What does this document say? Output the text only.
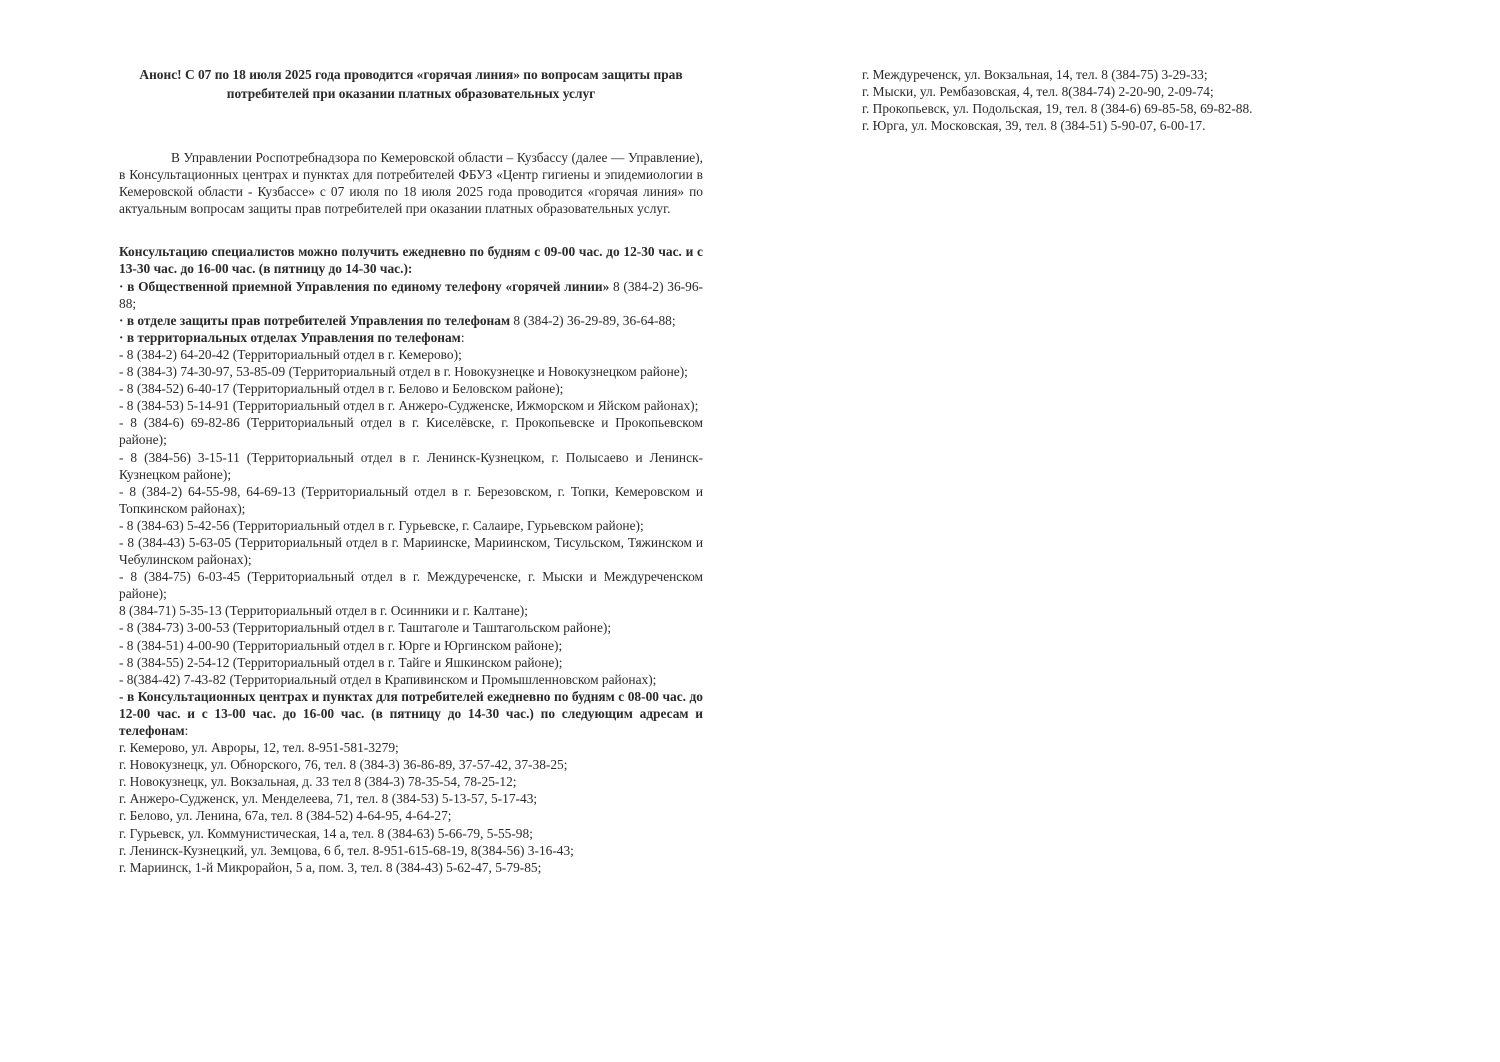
Анонс! С 07 по 18 июля 2025 года проводится «горячая линия» по вопросам защиты прав потребителей при оказании платных образовательных услуг

В Управлении Роспотребнадзора по Кемеровской области – Кузбассу (далее — Управление), в Консультационных центрах и пунктах для потребителей ФБУЗ «Центр гигиены и эпидемиологии в Кемеровской области - Кузбассе» с 07 июля по 18 июля 2025 года проводится «горячая линия» по актуальным вопросам защиты прав потребителей при оказании платных образовательных услуг.

Консультацию специалистов можно получить ежедневно по будням с 09-00 час. до 12-30 час. и с 13-30 час. до 16-00 час. (в пятницу до 14-30 час.):

· в Общественной приемной Управления по единому телефону «горячей линии» 8 (384-2) 36-96-88;

· в отделе защиты прав потребителей Управления по телефонам 8 (384-2) 36-29-89, 36-64-88;

· в территориальных отделах Управления по телефонам:

- 8 (384-2) 64-20-42 (Территориальный отдел в г. Кемерово);

- 8 (384-3) 74-30-97, 53-85-09 (Территориальный отдел в г. Новокузнецке и Новокузнецком районе);

- 8 (384-52) 6-40-17 (Территориальный отдел в г. Белово и Беловском районе);

- 8 (384-53) 5-14-91 (Территориальный отдел в г. Анжеро-Судженске, Ижморском и Яйском районах);

- 8 (384-6) 69-82-86 (Территориальный отдел в г. Киселёвске, г. Прокопьевске и Прокопьевском районе);

- 8 (384-56) 3-15-11 (Территориальный отдел в г. Ленинск-Кузнецком, г. Полысаево и Ленинск-Кузнецком районе);

- 8 (384-2) 64-55-98, 64-69-13 (Территориальный отдел в г. Березовском, г. Топки, Кемеровском и Топкинском районах);

- 8 (384-63) 5-42-56 (Территориальный отдел в г. Гурьевске, г. Салаире, Гурьевском районе);

- 8 (384-43) 5-63-05 (Территориальный отдел в г. Мариинске, Мариинском, Тисульском, Тяжинском и Чебулинском районах);

- 8 (384-75) 6-03-45 (Территориальный отдел в г. Междуреченске, г. Мыски и Междуреченском районе);

8 (384-71) 5-35-13 (Территориальный отдел в г. Осинники и г. Калтане);

- 8 (384-73) 3-00-53 (Территориальный отдел в г. Таштаголе и Таштагольском районе);

- 8 (384-51) 4-00-90 (Территориальный отдел в г. Юрге и Юргинском районе);

- 8 (384-55) 2-54-12 (Территориальный отдел в г. Тайге и Яшкинском районе);

- 8(384-42) 7-43-82 (Территориальный отдел в Крапивинском и Промышленновском районах);

- в Консультационных центрах и пунктах для потребителей ежедневно по будням с 08-00 час. до 12-00 час. и с 13-00 час. до 16-00 час. (в пятницу до 14-30 час.) по следующим адресам и телефонам:

г. Кемерово, ул. Авроры, 12, тел. 8-951-581-3279;

г. Новокузнецк, ул. Обнорского, 76, тел. 8 (384-3) 36-86-89, 37-57-42, 37-38-25;

г. Новокузнецк, ул. Вокзальная, д. 33 тел 8 (384-3) 78-35-54, 78-25-12;

г. Анжеро-Судженск, ул. Менделеева, 71, тел. 8 (384-53) 5-13-57, 5-17-43;

г. Белово, ул. Ленина, 67а, тел. 8 (384-52) 4-64-95, 4-64-27;

г. Гурьевск, ул. Коммунистическая, 14 а, тел. 8 (384-63) 5-66-79, 5-55-98;

г. Ленинск-Кузнецкий, ул. Земцова, 6 б, тел. 8-951-615-68-19, 8(384-56) 3-16-43;

г. Мариинск, 1-й Микрорайон, 5 а, пом. 3, тел. 8 (384-43) 5-62-47, 5-79-85;

г. Междуреченск, ул. Вокзальная, 14, тел. 8 (384-75) 3-29-33;

г. Мыски, ул. Рембазовская, 4, тел. 8(384-74) 2-20-90, 2-09-74;

г. Прокопьевск, ул. Подольская, 19, тел. 8 (384-6) 69-85-58, 69-82-88.

г. Юрга, ул. Московская, 39, тел. 8 (384-51) 5-90-07, 6-00-17.
